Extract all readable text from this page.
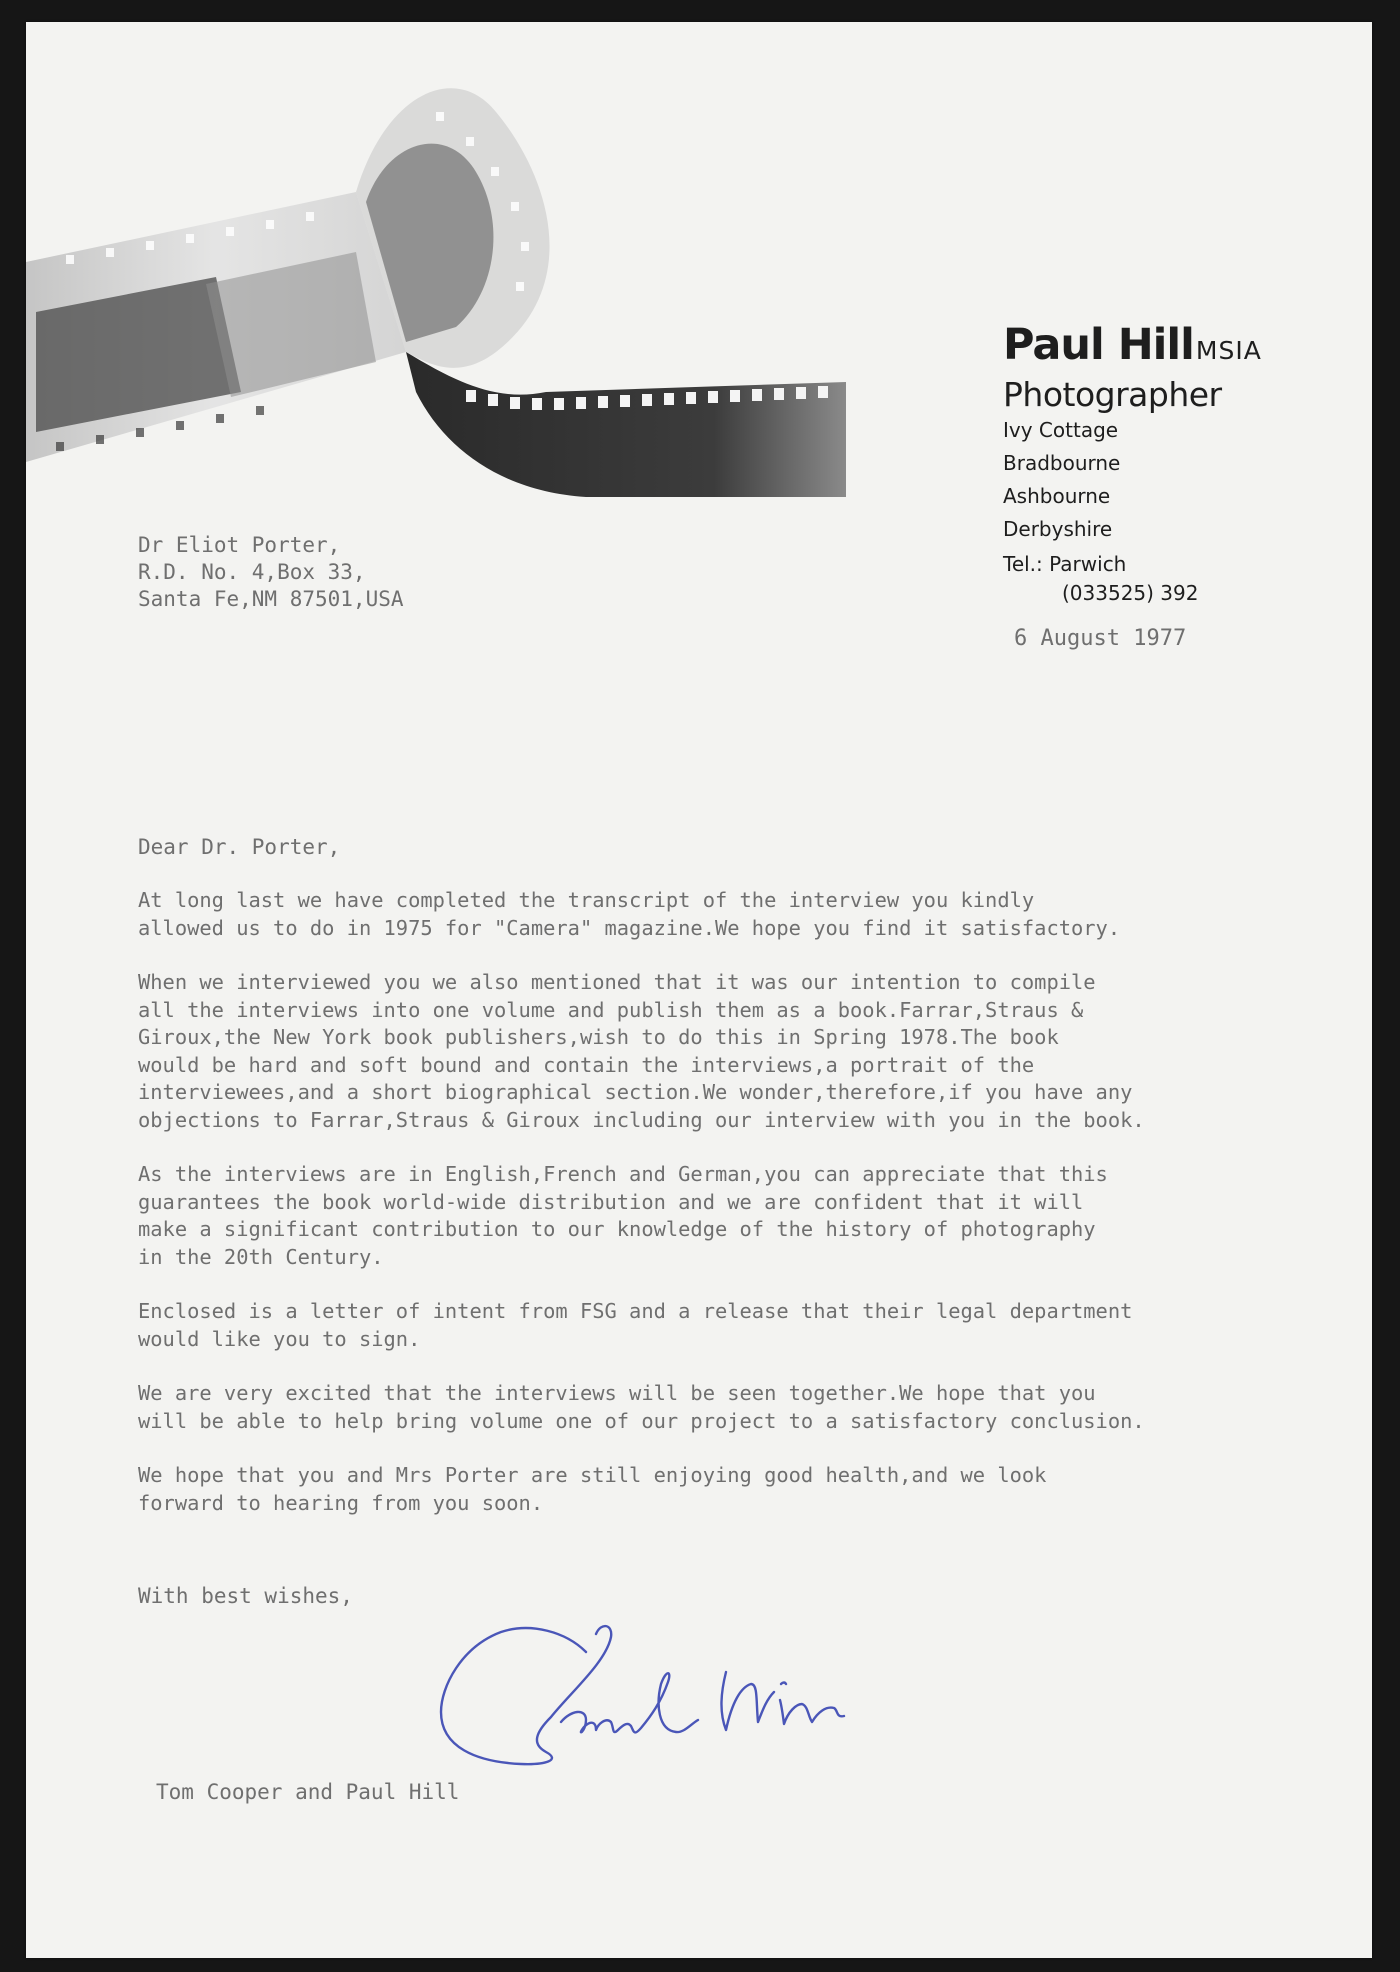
Paul HillMSIA
Photographer
Ivy Cottage
Bradbourne
Ashbourne
Derbyshire
Tel.: Parwich
(033525) 392
Dr Eliot Porter,
R.D. No. 4,Box 33,
Santa Fe,NM 87501,USA
6 August 1977
Dear Dr. Porter,

At long last we have completed the transcript of the interview you kindly
allowed us to do in 1975 for "Camera" magazine.We hope you find it satisfactory.

When we interviewed you we also mentioned that it was our intention to compile
all the interviews into one volume and publish them as a book.Farrar,Straus &
Giroux,the New York book publishers,wish to do this in Spring 1978.The book
would be hard and soft bound and contain the interviews,a portrait of the
interviewees,and a short biographical section.We wonder,therefore,if you have any
objections to Farrar,Straus & Giroux including our interview with you in the book.

As the interviews are in English,French and German,you can appreciate that this
guarantees the book world-wide distribution and we are confident that it will
make a significant contribution to our knowledge of the history of photography
in the 20th Century.

Enclosed is a letter of intent from FSG and a release that their legal department
would like you to sign.

We are very excited that the interviews will be seen together.We hope that you
will be able to help bring volume one of our project to a satisfactory conclusion.

We hope that you and Mrs Porter are still enjoying good health,and we look
forward to hearing from you soon.

With best wishes,
Tom Cooper and Paul Hill
